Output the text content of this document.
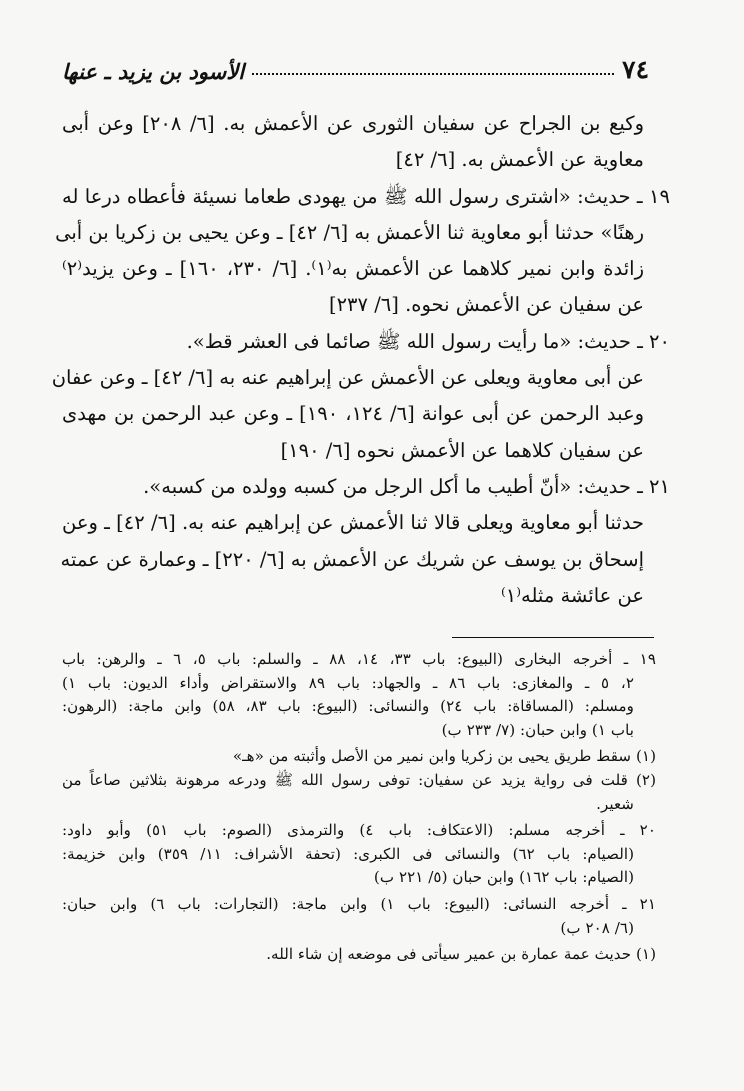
٧٤
الأسود بن يزيد ـ عنها
وكيع بن الجراح عن سفيان الثورى عن الأعمش به. [٦/ ٢٠٨] وعن أبى
معاوية عن الأعمش به. [٦/ ٤٢]
١٩ ـ حديث: «اشترى رسول الله ﷺ من يهودى طعاما نسيئة فأعطاه درعا له
رهنًا» حدثنا أبو معاوية ثنا الأعمش به [٦/ ٤٢] ـ وعن يحيى بن زكريا بن أبى
زائدة وابن نمير كلاهما عن الأعمش به⁽١⁾. [٦/ ٢٣٠، ١٦٠] ـ وعن يزيد⁽٢⁾
عن سفيان عن الأعمش نحوه. [٦/ ٢٣٧]
٢٠ ـ حديث: «ما رأيت رسول الله ﷺ صائما فى العشر قط».
عن أبى معاوية ويعلى عن الأعمش عن إبراهيم عنه به [٦/ ٤٢] ـ وعن عفان
وعبد الرحمن عن أبى عوانة [٦/ ١٢٤، ١٩٠] ـ وعن عبد الرحمن بن مهدى
عن سفيان كلاهما عن الأعمش نحوه [٦/ ١٩٠]
٢١ ـ حديث: «أنّ أطيب ما أكل الرجل من كسبه وولده من كسبه».
حدثنا أبو معاوية ويعلى قالا ثنا الأعمش عن إبراهيم عنه به. [٦/ ٤٢] ـ وعن
إسحاق بن يوسف عن شريك عن الأعمش به [٦/ ٢٢٠] ـ وعمارة عن عمته
عن عائشة مثله⁽١⁾
١٩ ـ أخرجه البخارى (البيوع: باب ٣٣، ١٤، ٨٨ ـ والسلم: باب ٥، ٦ ـ والرهن: باب
٢، ٥ ـ والمغازى: باب ٨٦ ـ والجهاد: باب ٨٩ والاستقراض وأداء الديون: باب ١)
ومسلم: (المساقاة: باب ٢٤) والنسائى: (البيوع: باب ٨٣، ٥٨) وابن ماجة: (الرهون:
باب ١) وابن حبان: (٧/ ٢٣٣ ب)
(١) سقط طريق يحيى بن زكريا وابن نمير من الأصل وأثبته من «هـ»
(٢) قلت فى رواية يزيد عن سفيان: توفى رسول الله ﷺ ودرعه مرهونة بثلاثين صاعاً من
شعير.
٢٠ ـ أخرجه مسلم: (الاعتكاف: باب ٤) والترمذى (الصوم: باب ٥١) وأبو داود:
(الصيام: باب ٦٢) والنسائى فى الكبرى: (تحفة الأشراف: ١١/ ٣٥٩) وابن خزيمة:
(الصيام: باب ١٦٢) وابن حبان (٥/ ٢٢١ ب)
٢١ ـ أخرجه النسائى: (البيوع: باب ١) وابن ماجة: (التجارات: باب ٦) وابن حبان:
(٦/ ٢٠٨ ب)
(١) حديث عمة عمارة بن عمير سيأتى فى موضعه إن شاء الله.
